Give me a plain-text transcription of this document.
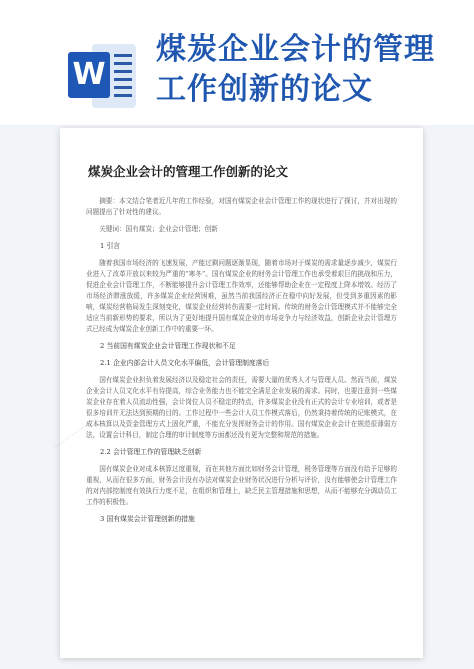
W
煤炭企业会计的管理工作创新的论文
┈┈┈┈┈┈┈┈┈┈┈┈┈
煤炭企业会计的管理工作创新的论文

摘要：本文结合笔者近几年的工作经验，对国有煤炭企业会计管理工作的现状进行了探讨，并对出现的问题提出了针对性的建议。

关键词：国有煤炭；企业会计管理；创新

1 引言

随着我国市场经济的飞速发展，产能过剩问题逐渐显现，随着市场对于煤炭的需求量逐步减少，煤炭行业进入了改革开放以来较为严重的“寒冬”。国有煤炭企业的财务会计管理工作也承受着艰巨的挑战和压力，促进企业会计管理工作，不断能够提升会计管理工作效率，还能够帮助企业在一定程度上降本增效。经历了市场经济滞涨放缓，许多煤炭企业经营困难，虽然当前我国经济正在稳中向好发展，但受到多重因素的影响，煤炭经营格局发生深刻变化，煤炭企业经营转伤需要一定时间。传统的财务会计管理模式并不能够完全适应当前新形势的要求，所以为了更好地提升国有煤炭企业的市场竞争力与经济效益，创新企业会计管理方式已经成为煤炭企业创新工作中的重要一环。

2 当前国有煤炭企业会计管理工作现状和不足

2.1 企业内部会计人员文化水平偏低，会计管理制度落后

国有煤炭企业担负着发展经济以及稳定社会的责任，需要大量的优秀人才与管理人员。然而当前，煤炭企业会计人员文化水平有待提高，综合业务能力也不能完全满足企业发展的需求。同时，也要注意到一些煤炭企业存在着人员流动性强，会计岗位人员不稳定的特点，许多煤炭企业没有正式的会计专业培训，或者是很多培训并无法达到预期的目的。工作过程中一些会计人员工作模式落后，仍然秉持着传统的记账模式，在成本核算以及资金管理方式上固化严重，不能充分发挥财务会计的作用。国有煤炭企业会计在规范很薄弱方法，设置会计科目，制定合理的审计制度等方面都还没有更为完整和规范的措施。

2.2 会计管理工作的管理缺乏创新

国有煤炭企业对成本核算过度重视，而在其他方面比如财务会计管理，税务管理等方面没有给予足够的重视，从而在很多方面，财务会计没有办法对煤炭企业财务状况进行分析与评价，没有能够使会计管理工作的对内部控制度有效执行力度不足，在组织和管理上，缺乏民主管理措施和思想，从而不能够充分调动员工工作的积极性。

3 国有煤炭会计管理创新的措施
